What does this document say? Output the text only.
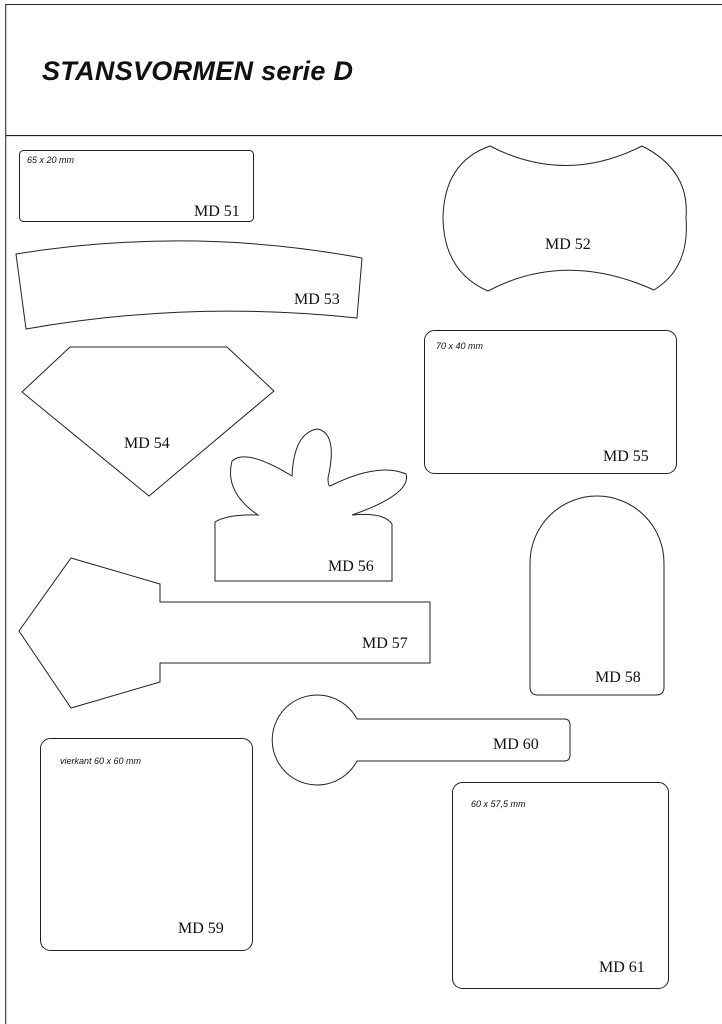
STANSVORMEN serie D
65 x 20 mm
MD 51
MD 52
MD 53
MD 54
70 x 40 mm
MD 55
MD 56
MD 57
MD 58
vierkant 60 x 60 mm
MD 59
MD 60
60 x 57,5 mm
MD 61
